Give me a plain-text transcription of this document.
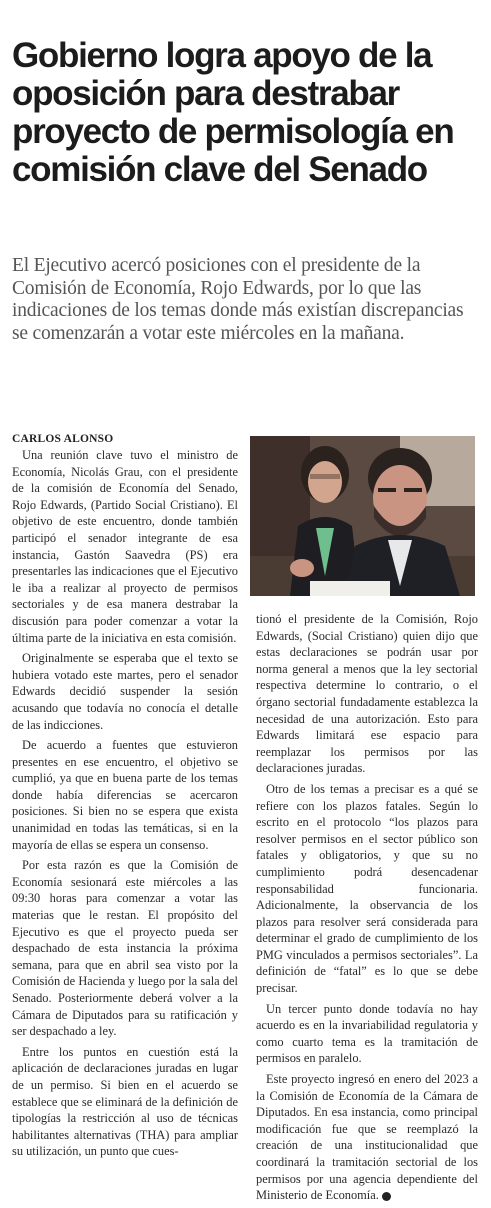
Gobierno logra apoyo de la oposición para destrabar proyecto de permisología en comisión clave del Senado
El Ejecutivo acercó posiciones con el presidente de la Comisión de Economía, Rojo Edwards, por lo que las indicaciones de los temas donde más existían discrepancias se comenzarán a votar este miércoles en la mañana.
CARLOS ALONSO

Una reunión clave tuvo el ministro de Economía, Nicolás Grau, con el presidente de la comisión de Economía del Senado, Rojo Edwards, (Partido Social Cristiano). El objetivo de este encuentro, donde también participó el senador integrante de esa instancia, Gastón Saavedra (PS) era presentarles las indicaciones que el Ejecutivo le iba a realizar al proyecto de permisos sectoriales y de esa manera destrabar la discusión para poder comenzar a votar la última parte de la iniciativa en esta comisión.

Originalmente se esperaba que el texto se hubiera votado este martes, pero el senador Edwards decidió suspender la sesión acusando que todavía no conocía el detalle de las indicciones.

De acuerdo a fuentes que estuvieron presentes en ese encuentro, el objetivo se cumplió, ya que en buena parte de los temas donde había diferencias se acercaron posiciones. Si bien no se espera que exista unanimidad en todas las temáticas, si en la mayoría de ellas se espera un consenso.

Por esta razón es que la Comisión de Economía sesionará este miércoles a las 09:30 horas para comenzar a votar las materias que le restan. El propósito del Ejecutivo es que el proyecto pueda ser despachado de esta instancia la próxima semana, para que en abril sea visto por la Comisión de Hacienda y luego por la sala del Senado. Posteriormente deberá volver a la Cámara de Diputados para su ratificación y ser despachado a ley.

Entre los puntos en cuestión está la aplicación de declaraciones juradas en lugar de un permiso. Si bien en el acuerdo se establece que se eliminará de la definición de tipologías la restricción al uso de técnicas habilitantes alternativas (THA) para ampliar su utilización, un punto que cues-

tionó el presidente de la Comisión, Rojo Edwards, (Social Cristiano) quien dijo que estas declaraciones se podrán usar por norma general a menos que la ley sectorial respectiva determine lo contrario, o el órgano sectorial fundadamente establezca la necesidad de una autorización. Esto para Edwards limitará ese espacio para reemplazar los permisos por las declaraciones juradas.

Otro de los temas a precisar es a qué se refiere con los plazos fatales. Según lo escrito en el protocolo “los plazos para resolver permisos en el sector público son fatales y obligatorios, y que su no cumplimiento podrá desencadenar responsabilidad funcionaria. Adicionalmente, la observancia de los plazos para resolver será considerada para determinar el grado de cumplimiento de los PMG vinculados a permisos sectoriales”. La definición de “fatal” es lo que se debe precisar.

Un tercer punto donde todavía no hay acuerdo es en la invariabilidad regulatoria y como cuarto tema es la tramitación de permisos en paralelo.

Este proyecto ingresó en enero del 2023 a la Comisión de Economía de la Cámara de Diputados. En esa instancia, como principal modificación fue que se reemplazó la creación de una institucionalidad que coordinará la tramitación sectorial de los permisos por una agencia dependiente del Ministerio de Economía. P
